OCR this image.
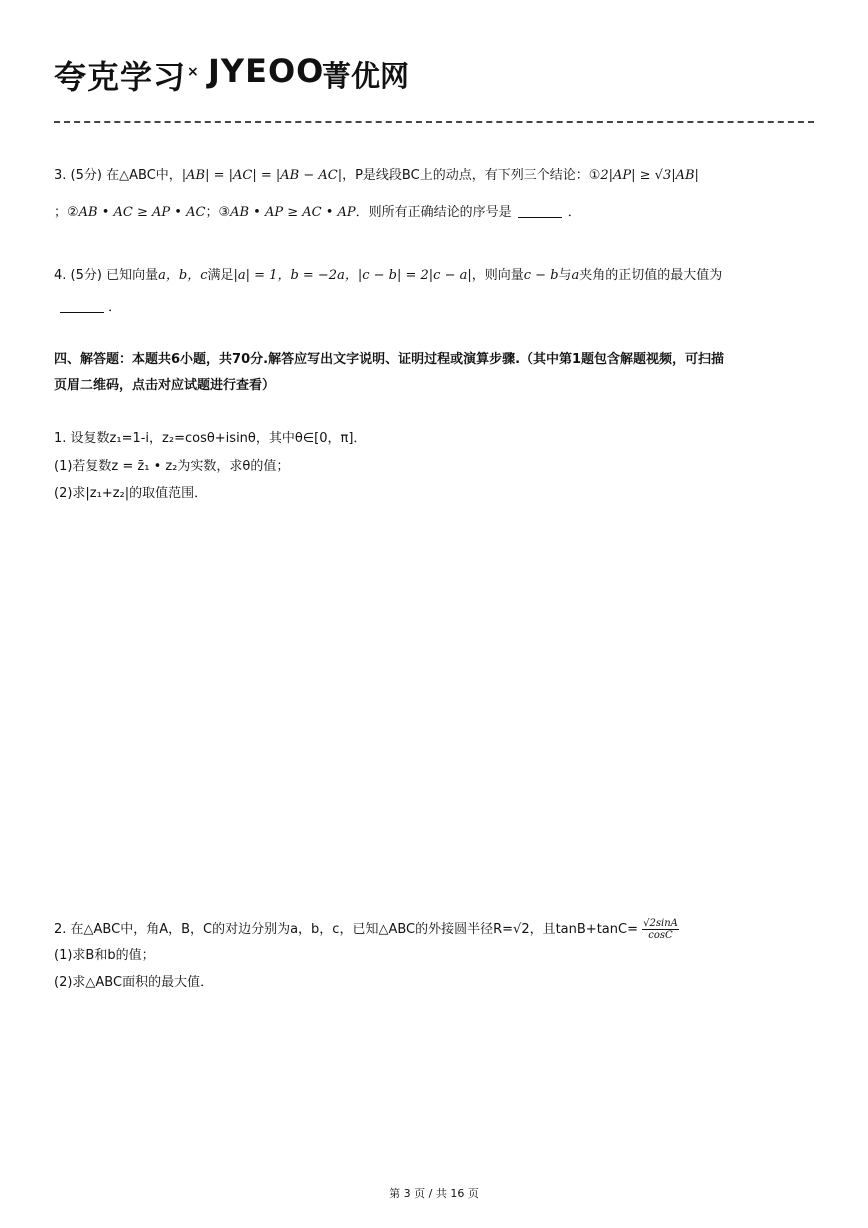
夸克学习 × JYEOO
菁优网
3. (5分) 在△ABC中，|AB| = |AC| = |AB − AC|，P是线段BC上的动点，有下列三个结论：①2|AP| ≥ √3|AB|
；②AB • AC ≥ AP • AC；③AB • AP ≥ AC • AP．则所有正确结论的序号是	．
4. (5分) 已知向量a，b，c满足|a| = 1，b = −2a，|c − b| = 2|c − a|，则向量c − b与a夹角的正切值的最大值为
．
四、解答题：本题共6小题，共70分.解答应写出文字说明、证明过程或演算步骤.（其中第1题包含解题视频，可扫描
页眉二维码，点击对应试题进行查看）
1. 设复数z₁=1-i，z₂=cosθ+isinθ，其中θ∈[0，π]．
(1)若复数z = z̄₁ • z₂为实数，求θ的值；
(2)求|z₁+z₂|的取值范围．
2. 在△ABC中，角A，B，C的对边分别为a，b，c，已知△ABC的外接圆半径R=√2，且$\tan B+\tan C= \frac{√2\sin A}{\cos C}$
(1)求B和b的值；
(2)求△ABC面积的最大值．
第 3 页 / 共 16 页
